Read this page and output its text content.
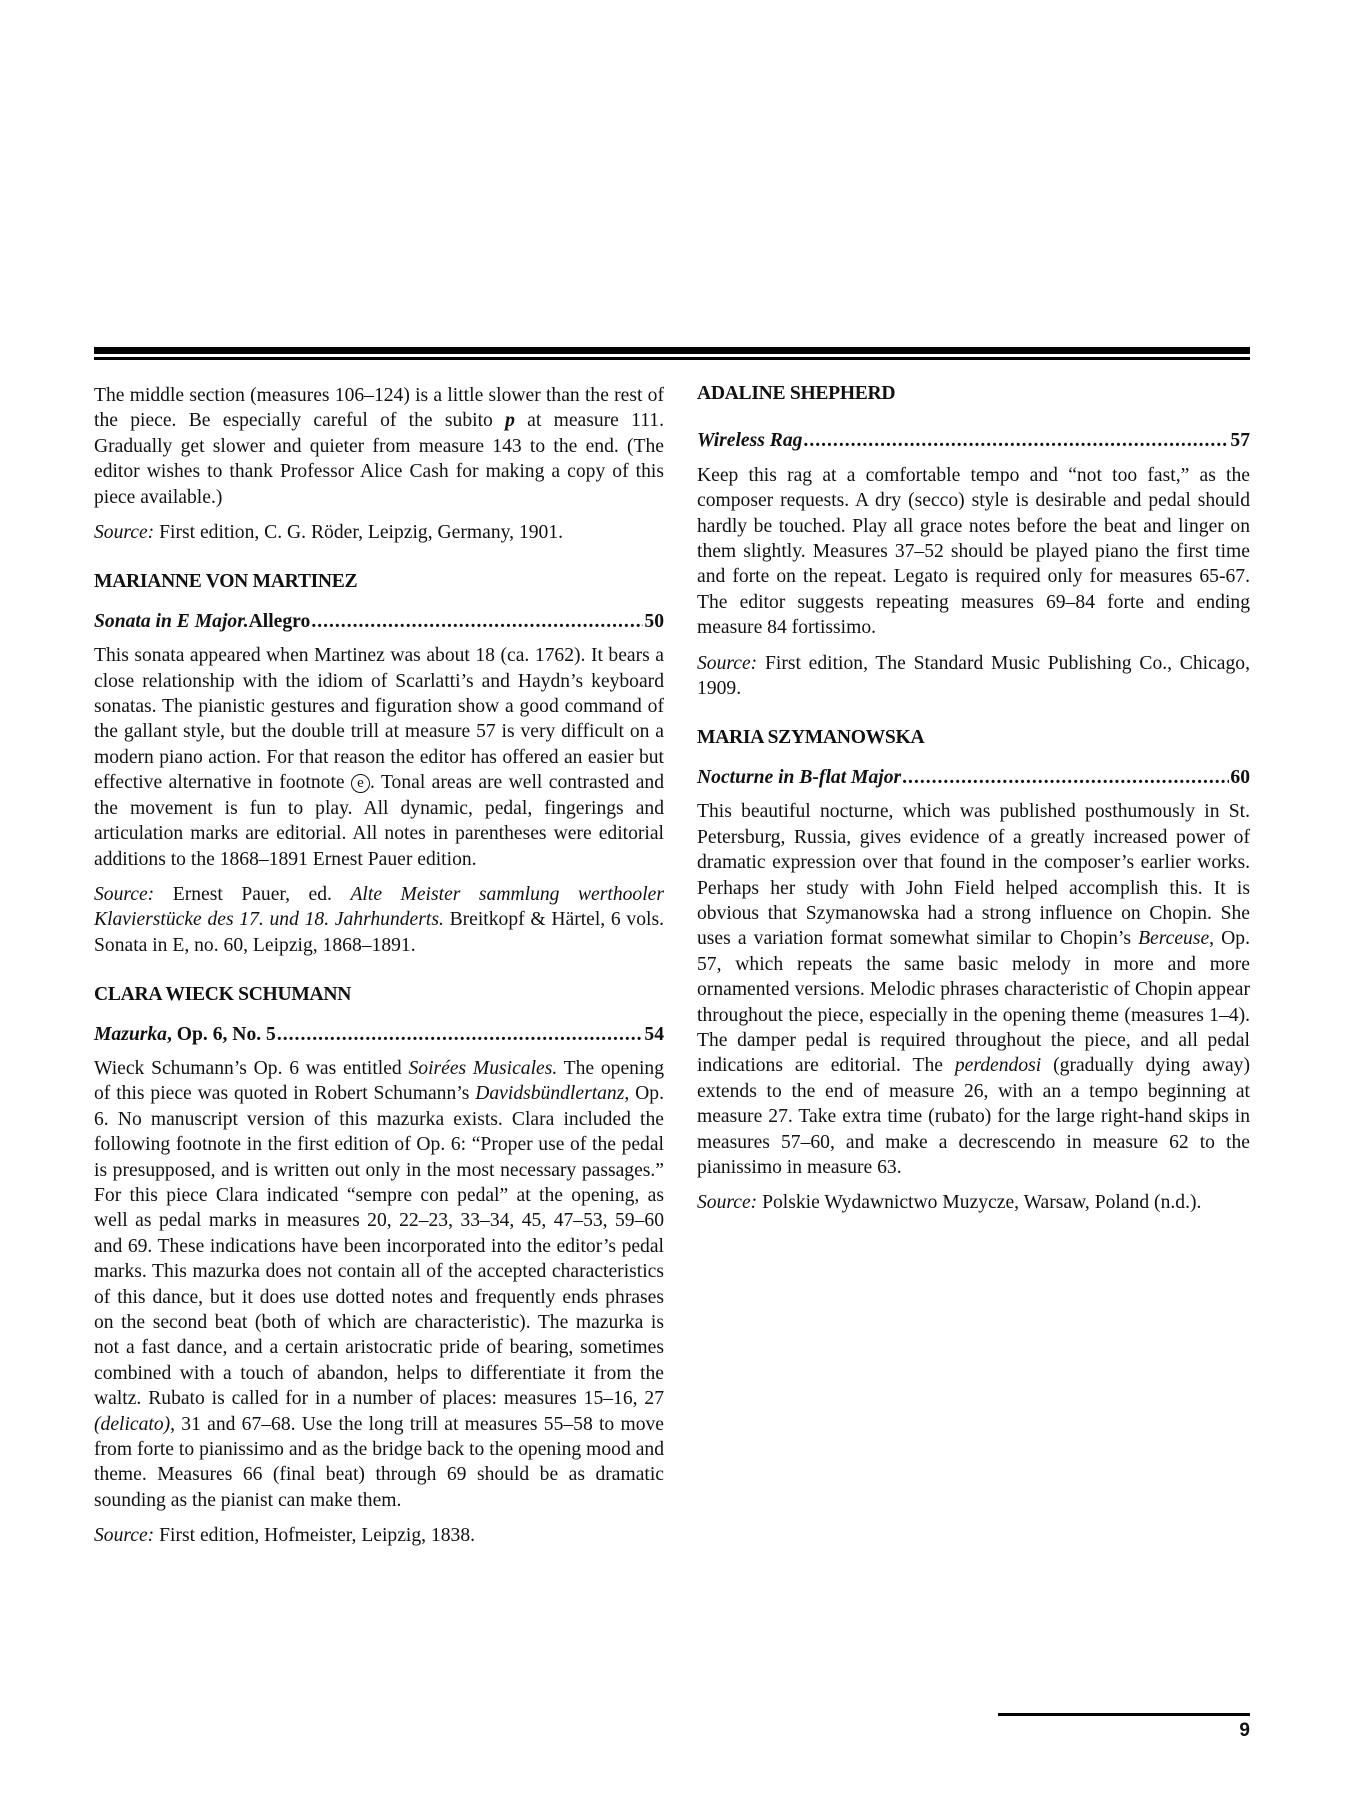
The middle section (measures 106–124) is a little slower than the rest of the piece. Be especially careful of the subito p at measure 111. Gradually get slower and quieter from measure 143 to the end. (The editor wishes to thank Professor Alice Cash for making a copy of this piece available.)

Source: First edition, C. G. Röder, Leipzig, Germany, 1901.

MARIANNE VON MARTINEZ
Sonata in E Major. Allegro .....	50

This sonata appeared when Martinez was about 18 (ca. 1762). It bears a close relationship with the idiom of Scarlatti’s and Haydn’s keyboard sonatas. The pianistic gestures and figuration show a good command of the gallant style, but the double trill at measure 57 is very difficult on a modern piano action. For that reason the editor has offered an easier but effective alternative in footnote e . Tonal areas are well contrasted and the movement is fun to play. All dynamic, pedal, fingerings and articulation marks are editorial. All notes in parentheses were editorial additions to the 1868–1891 Ernest Pauer edition.

Source: Ernest Pauer, ed. Alte Meister sammlung werthooler Klavierstücke des 17. und 18. Jahrhunderts. Breitkopf & Härtel, 6 vols. Sonata in E, no. 60, Leipzig, 1868–1891.

CLARA WIECK SCHUMANN
Mazurka , Op. 6, No. 5 .....	54

Wieck Schumann’s Op. 6 was entitled Soirées Musicales. The opening of this piece was quoted in Robert Schumann’s Davidsbündlertanz, Op. 6. No manuscript version of this mazurka exists. Clara included the following footnote in the first edition of Op. 6: “Proper use of the pedal is presupposed, and is written out only in the most necessary passages.” For this piece Clara indicated “sempre con pedal” at the opening, as well as pedal marks in measures 20, 22–23, 33–34, 45, 47–53, 59–60 and 69. These indications have been incorporated into the editor’s pedal marks. This mazurka does not contain all of the accepted characteristics of this dance, but it does use dotted notes and frequently ends phrases on the second beat (both of which are characteristic). The mazurka is not a fast dance, and a certain aristocratic pride of bearing, sometimes combined with a touch of abandon, helps to differentiate it from the waltz. Rubato is called for in a number of places: measures 15–16, 27 (delicato), 31 and 67–68. Use the long trill at measures 55–58 to move from forte to pianissimo and as the bridge back to the opening mood and theme. Measures 66 (final beat) through 69 should be as dramatic sounding as the pianist can make them.

Source: First edition, Hofmeister, Leipzig, 1838.

ADALINE SHEPHERD
Wireless Rag .....	57

Keep this rag at a comfortable tempo and “not too fast,” as the composer requests. A dry (secco) style is desirable and pedal should hardly be touched. Play all grace notes before the beat and linger on them slightly. Measures 37–52 should be played piano the first time and forte on the repeat. Legato is required only for measures 65-67. The editor suggests repeating measures 69–84 forte and ending measure 84 fortissimo.

Source: First edition, The Standard Music Publishing Co., Chicago, 1909.

MARIA SZYMANOWSKA
Nocturne in B-flat Major .....	60

This beautiful nocturne, which was published posthumously in St. Petersburg, Russia, gives evidence of a greatly increased power of dramatic expression over that found in the composer’s earlier works. Perhaps her study with John Field helped accomplish this. It is obvious that Szymanowska had a strong influence on Chopin. She uses a variation format somewhat similar to Chopin’s Berceuse, Op. 57, which repeats the same basic melody in more and more ornamented versions. Melodic phrases characteristic of Chopin appear throughout the piece, especially in the opening theme (measures 1–4). The damper pedal is required throughout the piece, and all pedal indications are editorial. The perdendosi (gradually dying away) extends to the end of measure 26, with an a tempo beginning at measure 27. Take extra time (rubato) for the large right-hand skips in measures 57–60, and make a decrescendo in measure 62 to the pianissimo in measure 63.

Source: Polskie Wydawnictwo Muzycze, Warsaw, Poland (n.d.).

9
